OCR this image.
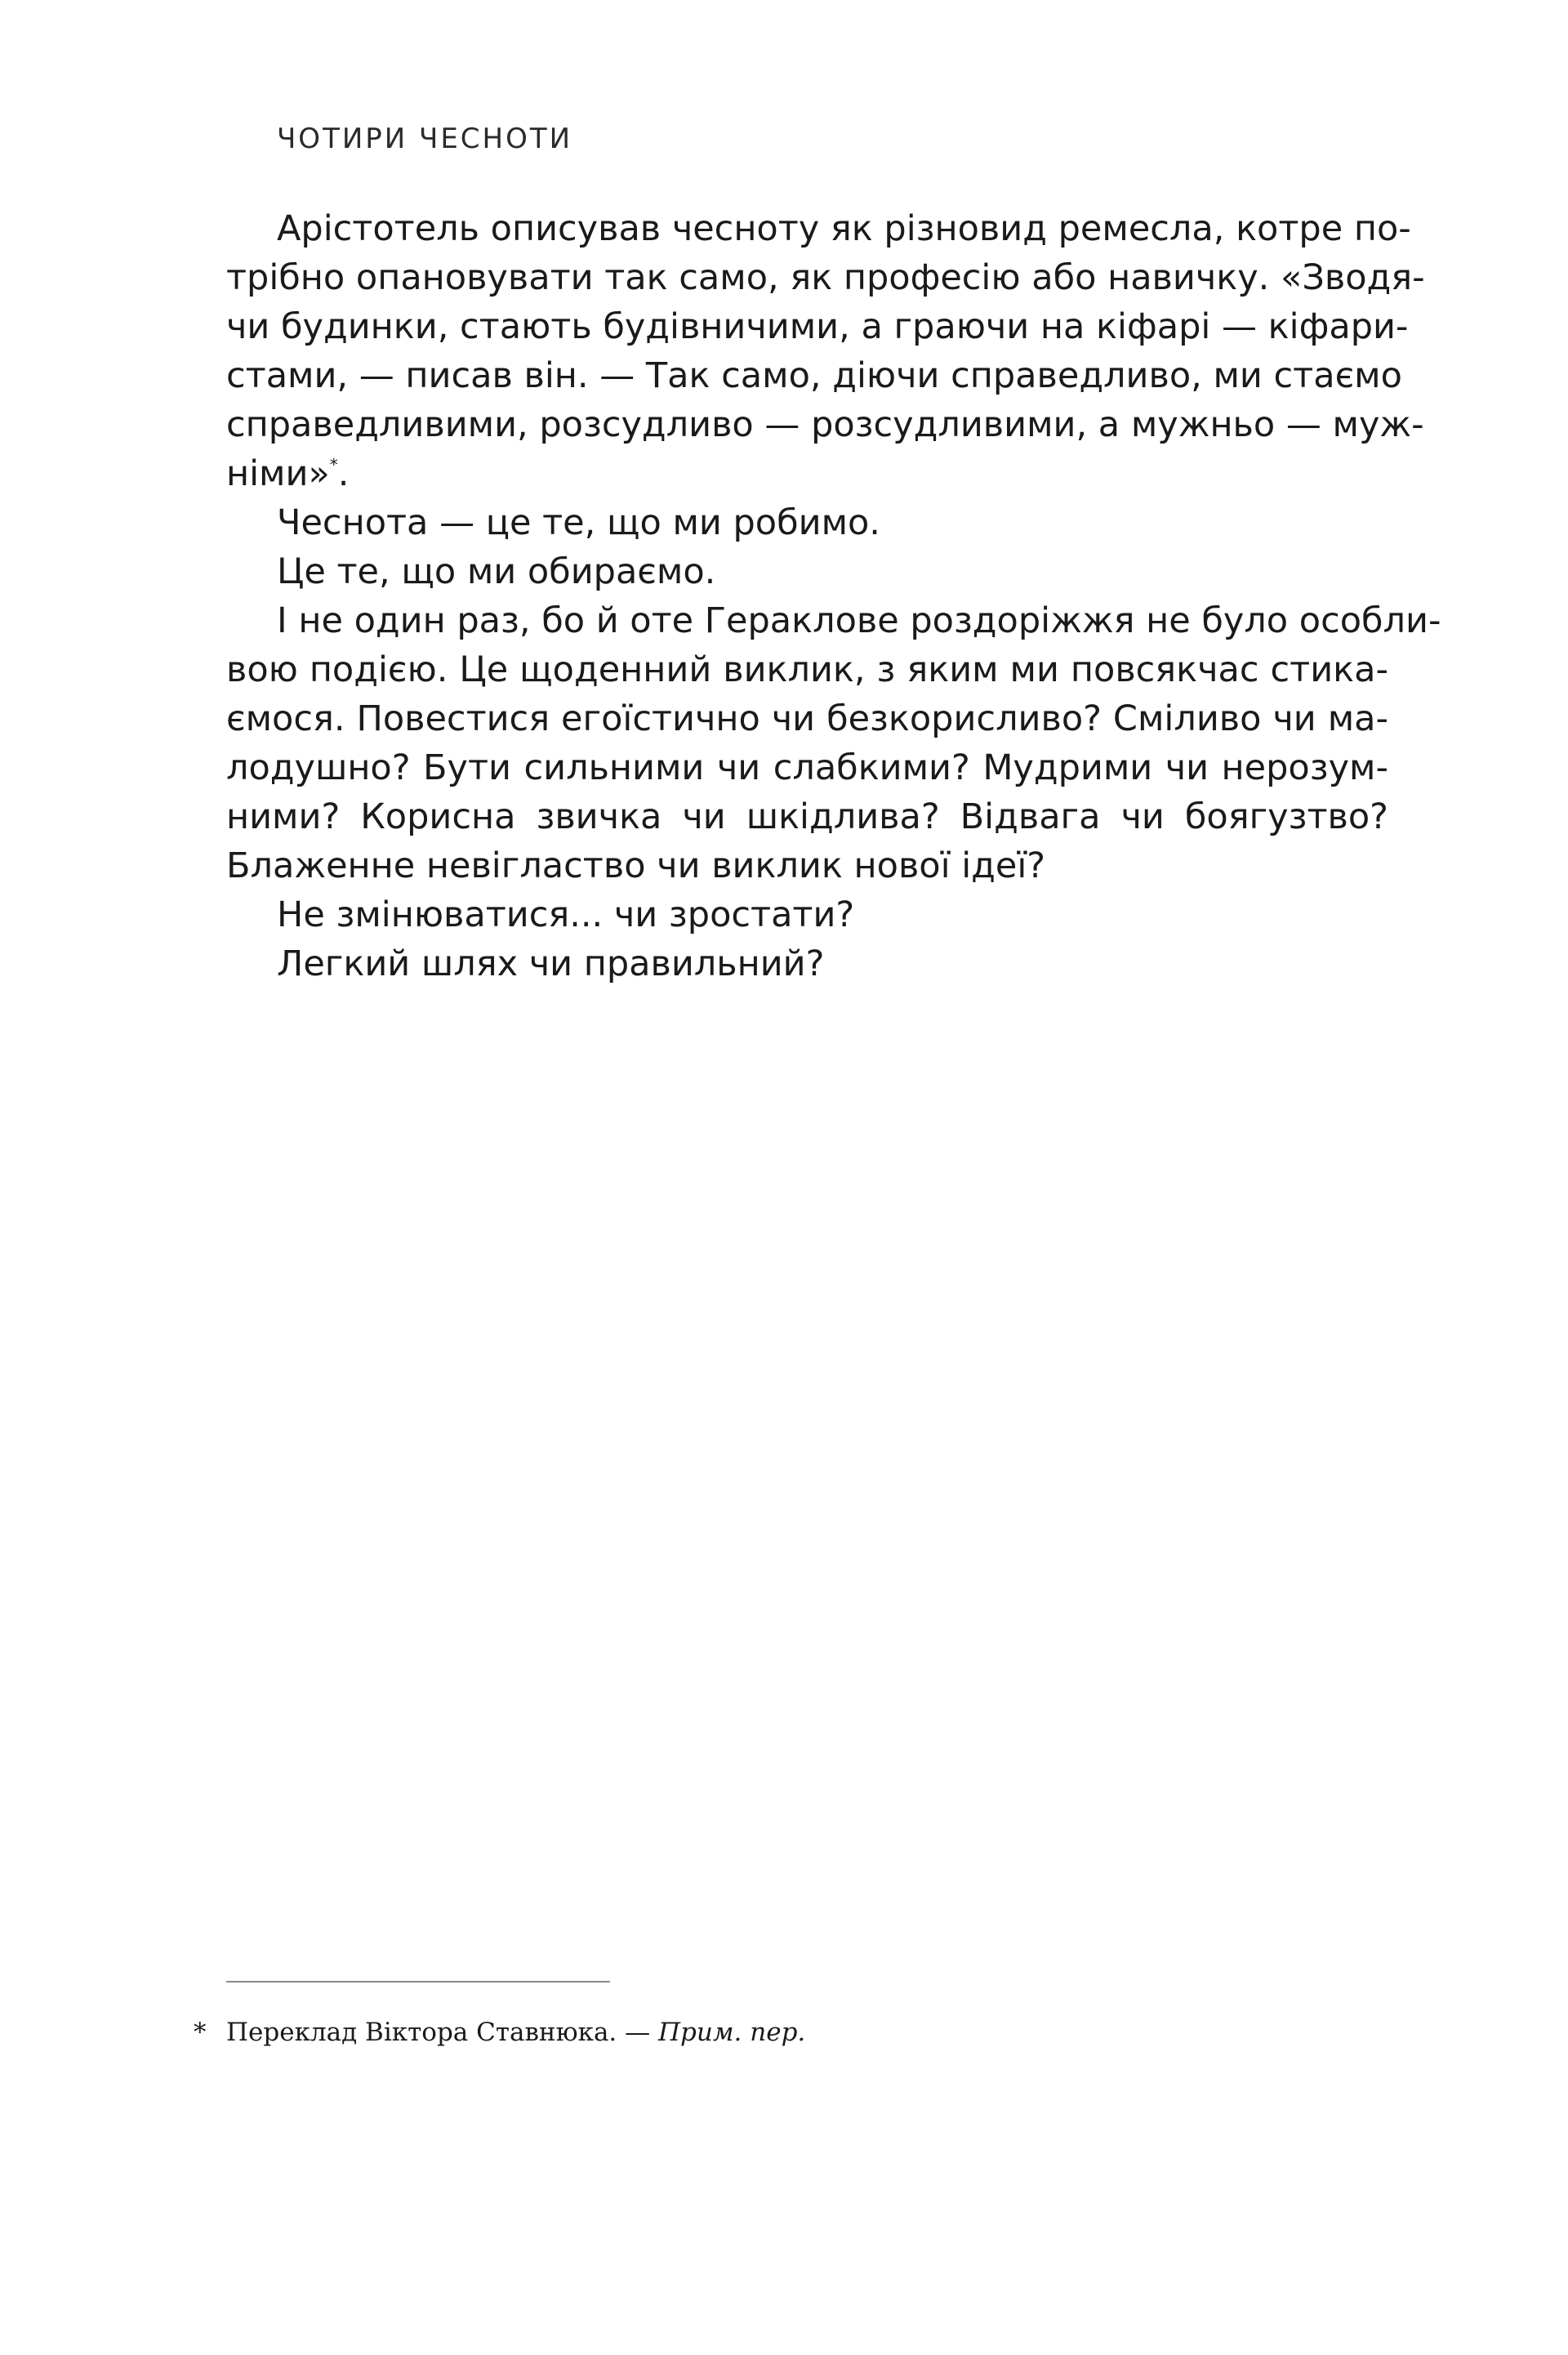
ЧОТИРИ ЧЕСНОТИ
Арістотель описував чесноту як різновид ремесла, котре по-
трібно опановувати так само, як професію або навичку. «Зводя-
чи будинки, стають будівничими, а граючи на кіфарі — кіфари-
стами, — писав він. — Так само, діючи справедливо, ми стаємо
справедливими, розсудливо — розсудливими, а мужньо — муж-
німи»*.
Чеснота — це те, що ми робимо.
Це те, що ми обираємо.
І не один раз, бо й оте Гераклове роздоріжжя не було особли-
вою подією. Це щоденний виклик, з яким ми повсякчас стика-
ємося. Повестися егоїстично чи безкорисливо? Сміливо чи ма-
лодушно? Бути сильними чи слабкими? Мудрими чи нерозум-
ними? Корисна звичка чи шкідлива? Відвага чи боягузтво?
Блаженне невігластво чи виклик нової ідеї?
Не змінюватися... чи зростати?
Легкий шлях чи правильний?
* Переклад Віктора Ставнюка. — Прим. пер.
